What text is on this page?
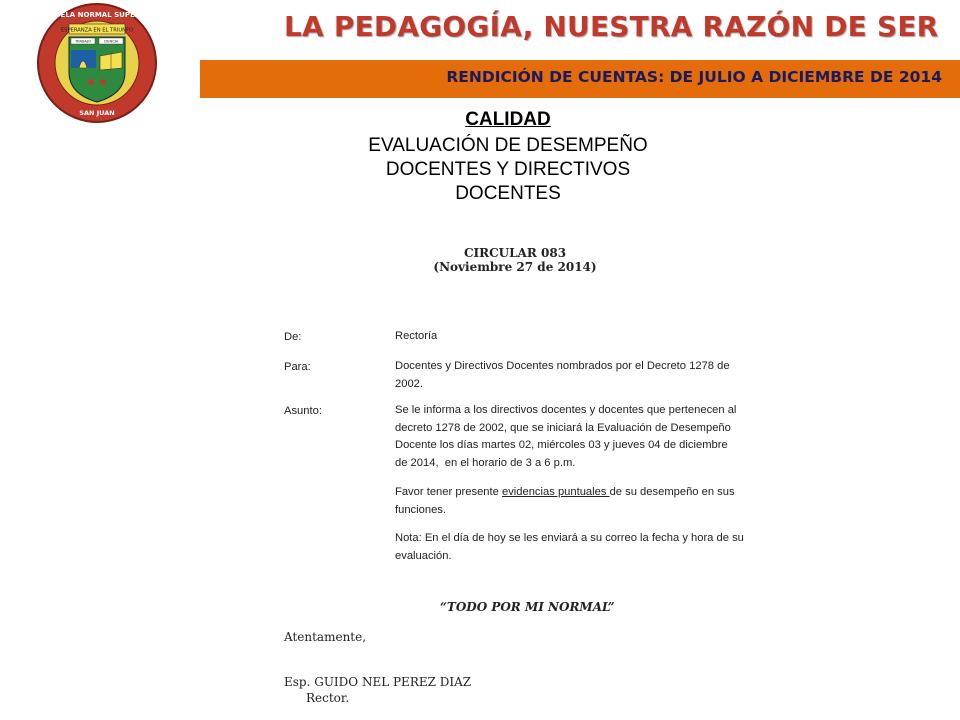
ESPERANZA EN EL TRIUNFO
TRABAJO	CIENCIA
ESCUELA NORMAL SUPERIOR
SAN JUAN
LA PEDAGOGÍA, NUESTRA RAZÓN DE SER
RENDICIÓN DE CUENTAS: DE JULIO A DICIEMBRE DE 2014
CALIDAD
EVALUACIÓN DE DESEMPEÑO
DOCENTES Y DIRECTIVOS
DOCENTES
CIRCULAR 083
(Noviembre 27 de 2014)
De:	Rectoría
Para:	Docentes y Directivos Docentes nombrados por el Decreto 1278 de
2002.
Asunto:	Se le informa a los directivos docentes y docentes que pertenecen al
decreto 1278 de 2002, que se iniciará la Evaluación de Desempeño
Docente los días martes 02, miércoles 03 y jueves 04 de diciembre
de 2014,  en el horario de 3 a 6 p.m.
Favor tener presente evidencias puntuales de su desempeño en sus
funciones.
Nota: En el día de hoy se les enviará a su correo la fecha y hora de su
evaluación.
“TODO POR MI NORMAL”
Atentamente,
Esp. GUIDO NEL PEREZ DIAZ
Rector.
